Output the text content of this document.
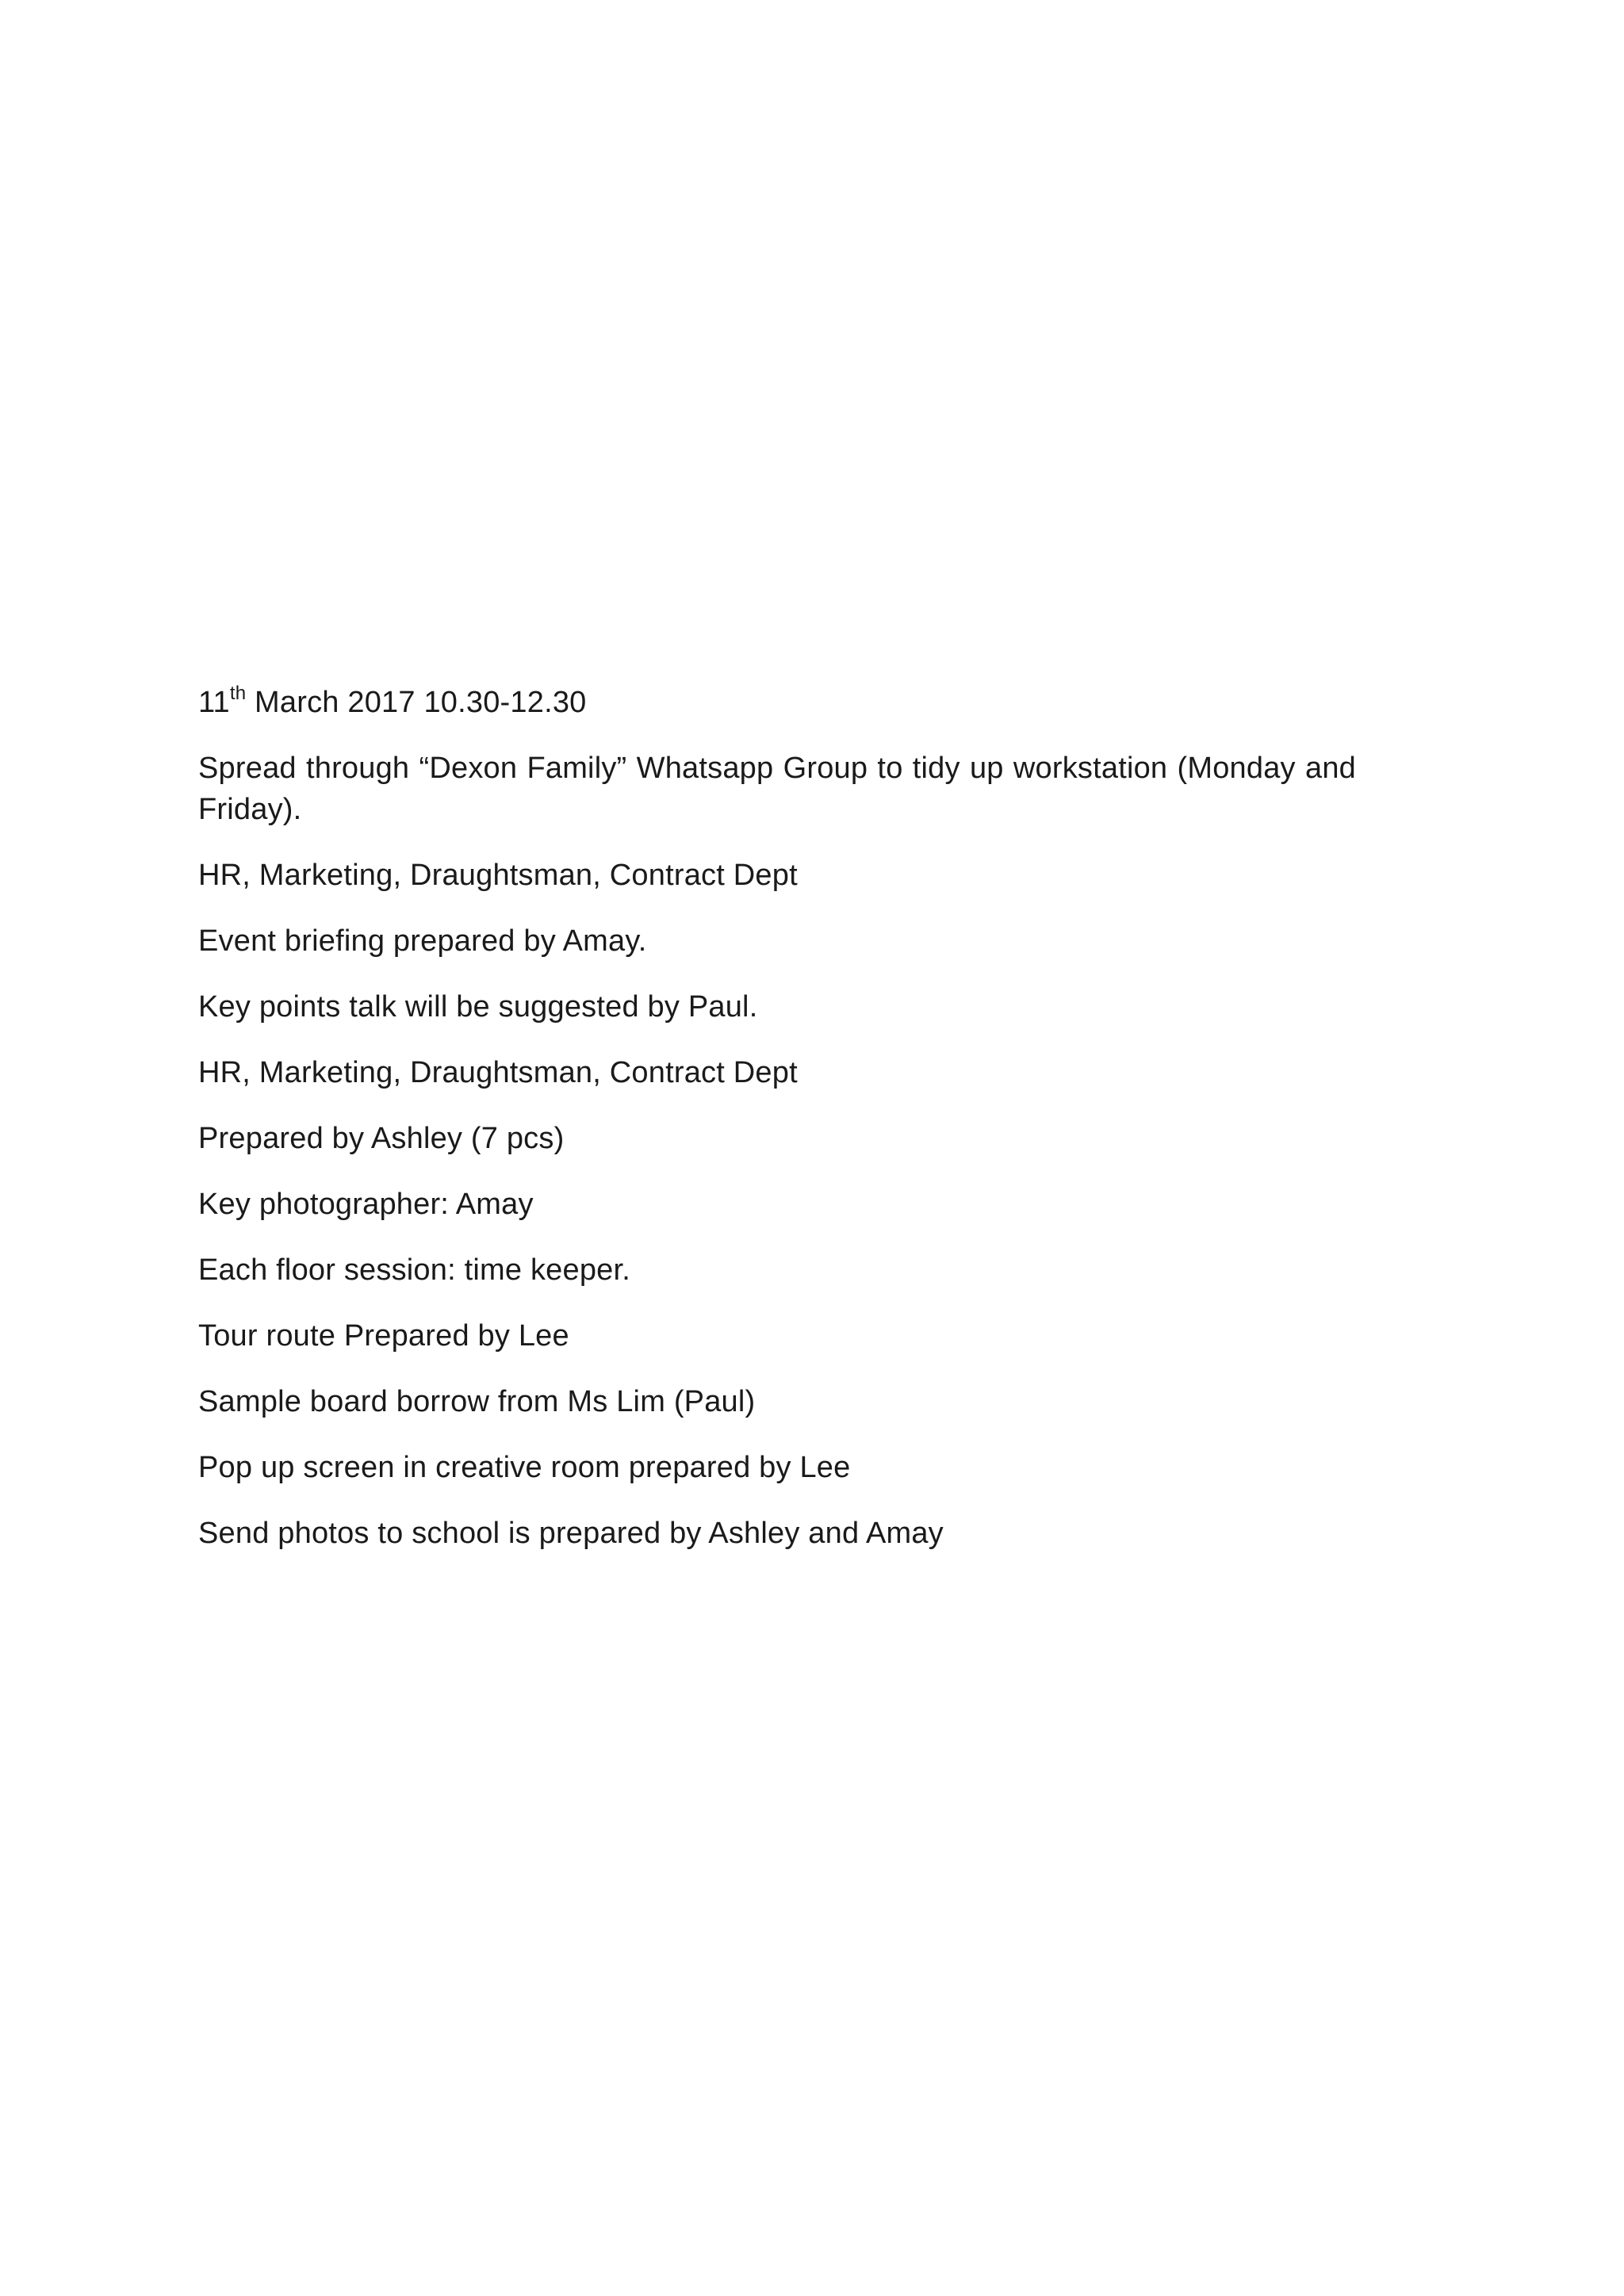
11th March 2017 10.30-12.30

Spread through “Dexon Family” Whatsapp Group to tidy up workstation (Monday and Friday).

HR, Marketing, Draughtsman, Contract Dept

Event briefing prepared by Amay.

Key points talk will be suggested by Paul.

HR, Marketing, Draughtsman, Contract Dept

Prepared by Ashley (7 pcs)

Key photographer: Amay

Each floor session: time keeper.

Tour route Prepared by Lee

Sample board borrow from Ms Lim (Paul)

Pop up screen in creative room prepared by Lee

Send photos to school is prepared by Ashley and Amay
